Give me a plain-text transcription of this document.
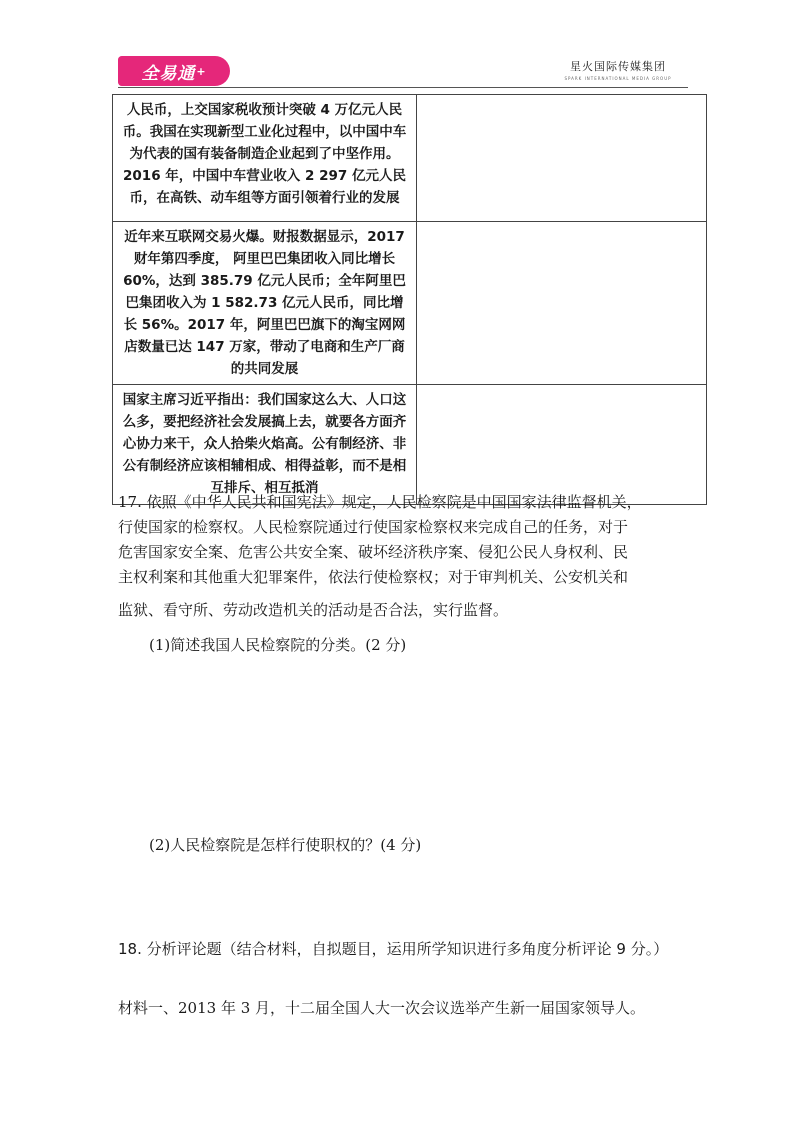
全易通 +	星火国际传媒集团
SPARK INTERNATIONAL MEDIA GROUP
人民币，上交国家税收预计突破 4 万亿元人民币。我国在实现新型工业化过程中，以中国中车为代表的国有装备制造企业起到了中坚作用。2016 年，中国中车营业收入 2 297 亿元人民币，在高铁、动车组等方面引领着行业的发展	
近年来互联网交易火爆。财报数据显示，2017 财年第四季度， 阿里巴巴集团收入同比增长 60%，达到 385.79 亿元人民币；全年阿里巴巴集团收入为 1 582.73 亿元人民币，同比增长 56%。2017 年，阿里巴巴旗下的淘宝网网店数量已达 147 万家，带动了电商和生产厂商的共同发展	
国家主席习近平指出：我们国家这么大、人口这么多，要把经济社会发展搞上去，就要各方面齐心协力来干，众人拾柴火焰高。公有制经济、非公有制经济应该相辅相成、相得益彰，而不是相互排斥、相互抵消	
17. 依照《中华人民共和国宪法》规定，人民检察院是中国国家法律监督机关，
行使国家的检察权。人民检察院通过行使国家检察权来完成自己的任务，对于
危害国家安全案、危害公共安全案、破坏经济秩序案、侵犯公民人身权利、民
主权利案和其他重大犯罪案件，依法行使检察权；对于审判机关、公安机关和
监狱、看守所、劳动改造机关的活动是否合法，实行监督。
(1)简述我国人民检察院的分类。(2 分)
(2)人民检察院是怎样行使职权的？(4 分)
18. 分析评论题（结合材料，自拟题目，运用所学知识进行多角度分析评论 9 分。）
材料一、2013 年 3 月，十二届全国人大一次会议选举产生新一届国家领导人。
